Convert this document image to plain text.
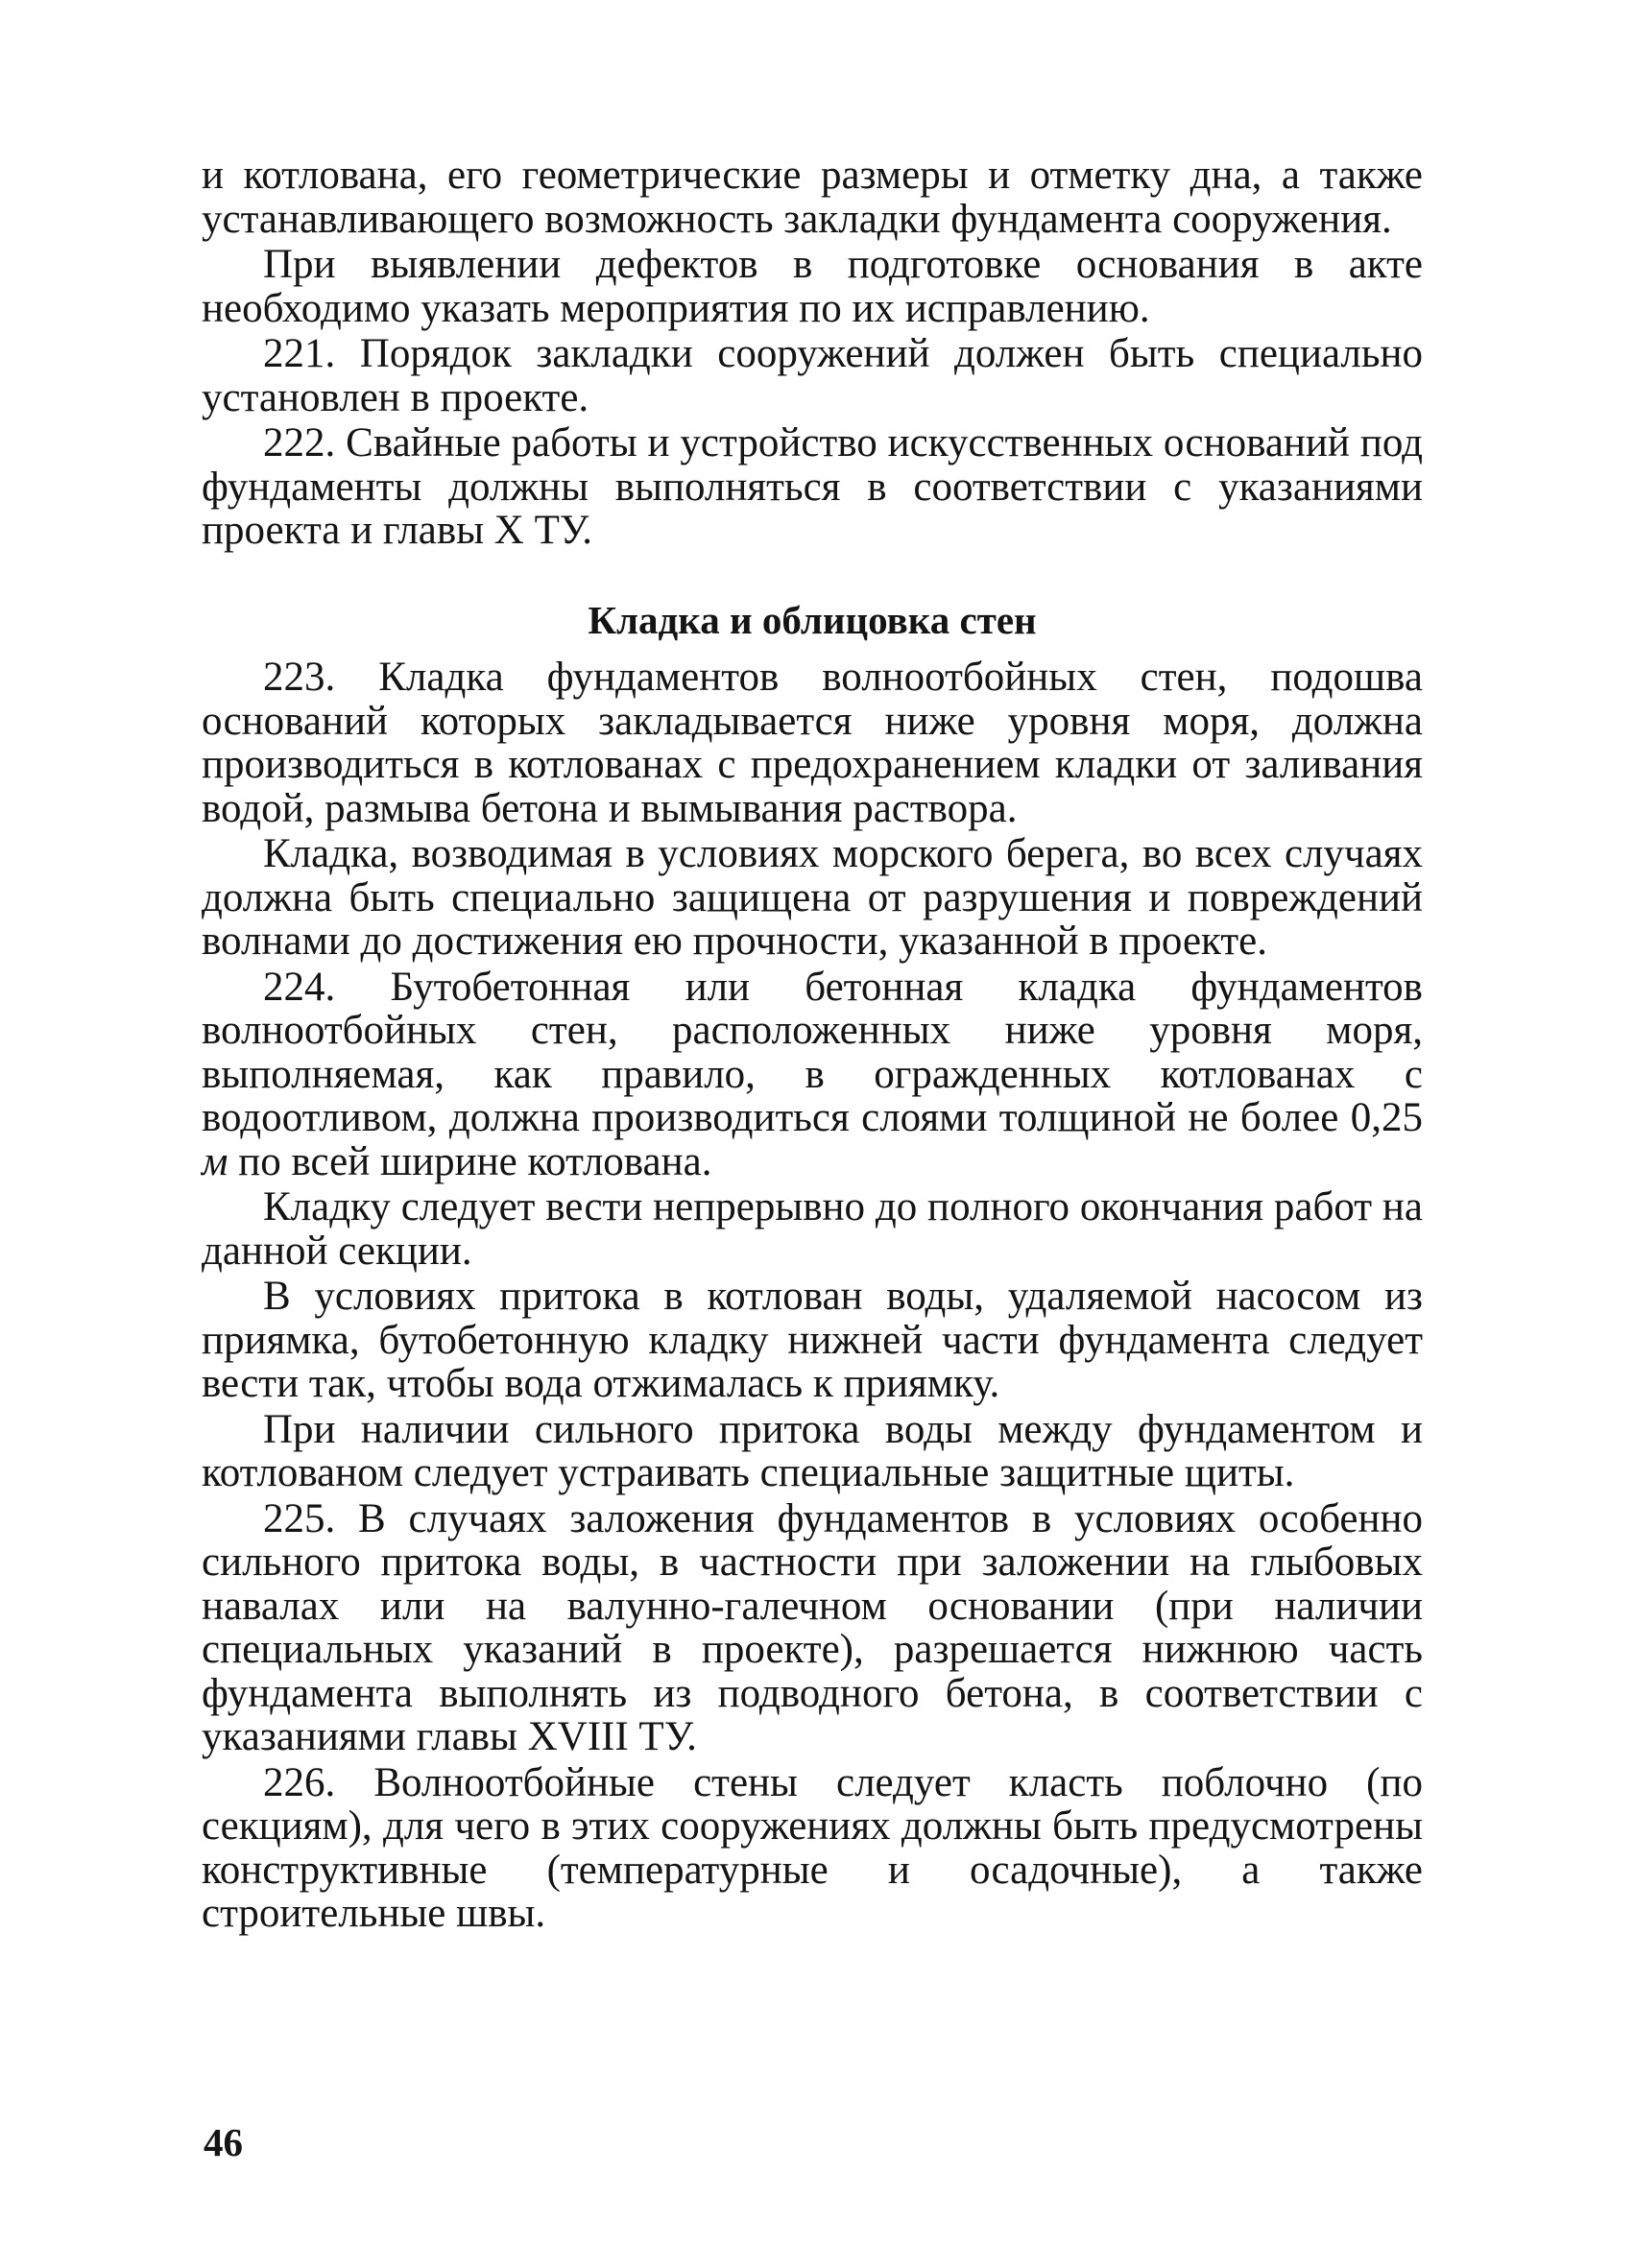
и котлована, его геометрические размеры и отметку дна, а также устанавливающего возможность закладки фундамента сооружения.

При выявлении дефектов в подготовке основания в акте необходимо указать мероприятия по их исправлению.

221. Порядок закладки сооружений должен быть специально установлен в проекте.

222. Свайные работы и устройство искусственных оснований под фундаменты должны выполняться в соответствии с указаниями проекта и главы X ТУ.

Кладка и облицовка стен

223. Кладка фундаментов волноотбойных стен, подошва оснований которых закладывается ниже уровня моря, должна производиться в котлованах с предохранением кладки от заливания водой, размыва бетона и вымывания раствора.

Кладка, возводимая в условиях морского берега, во всех случаях должна быть специально защищена от разрушения и повреждений волнами до достижения ею прочности, указанной в проекте.

224. Бутобетонная или бетонная кладка фундаментов волноотбойных стен, расположенных ниже уровня моря, выполняемая, как правило, в огражденных котлованах с водоотливом, должна производиться слоями толщиной не более 0,25 м по всей ширине котлована.

Кладку следует вести непрерывно до полного окончания работ на данной секции.

В условиях притока в котлован воды, удаляемой насосом из приямка, бутобетонную кладку нижней части фундамента следует вести так, чтобы вода отжималась к приямку.

При наличии сильного притока воды между фундаментом и котлованом следует устраивать специальные защитные щиты.

225. В случаях заложения фундаментов в условиях особенно сильного притока воды, в частности при заложении на глыбовых навалах или на валунно-галечном основании (при наличии специальных указаний в проекте), разрешается нижнюю часть фундамента выполнять из подводного бетона, в соответствии с указаниями главы XVIII ТУ.

226. Волноотбойные стены следует класть поблочно (по секциям), для чего в этих сооружениях должны быть предусмотрены конструктивные (температурные и осадочные), а также строительные швы.

46
